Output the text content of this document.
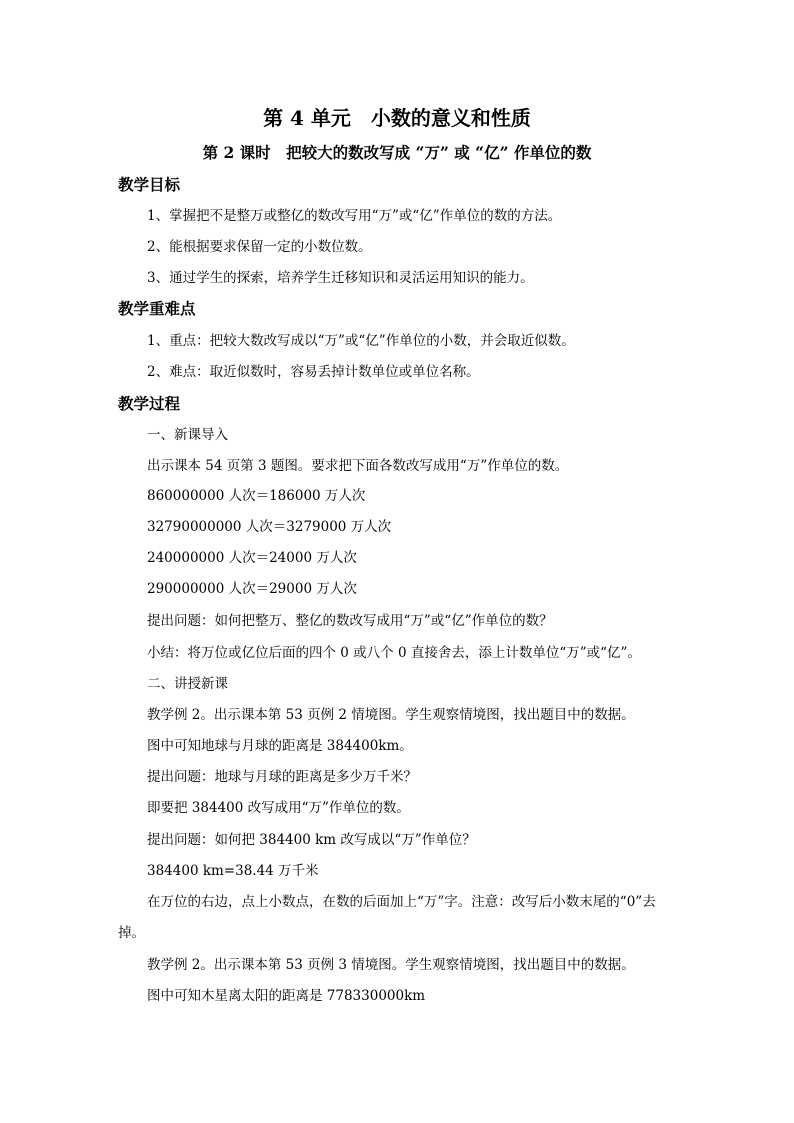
第 4 单元　小数的意义和性质
第 2 课时　把较大的数改写成 “万” 或 “亿” 作单位的数
教学目标
1、掌握把不是整万或整亿的数改写用“万”或“亿”作单位的数的方法。
2、能根据要求保留一定的小数位数。
3、通过学生的探索，培养学生迁移知识和灵活运用知识的能力。
教学重难点
1、重点：把较大数改写成以“万”或“亿”作单位的小数，并会取近似数。
2、难点：取近似数时，容易丢掉计数单位或单位名称。
教学过程
一、新课导入
出示课本 54 页第 3 题图。要求把下面各数改写成用“万”作单位的数。
860000000 人次＝186000 万人次
32790000000 人次＝3279000 万人次
240000000 人次＝24000 万人次
290000000 人次＝29000 万人次
提出问题：如何把整万、整亿的数改写成用“万”或“亿”作单位的数？
小结：将万位或亿位后面的四个 0 或八个 0 直接舍去，添上计数单位“万”或“亿”。
二、讲授新课
教学例 2。出示课本第 53 页例 2 情境图。学生观察情境图，找出题目中的数据。
图中可知地球与月球的距离是 384400km。
提出问题：地球与月球的距离是多少万千米？
即要把 384400 改写成用“万”作单位的数。
提出问题：如何把 384400 km 改写成以“万”作单位？
384400 km=38.44 万千米
在万位的右边，点上小数点，在数的后面加上“万”字。注意：改写后小数末尾的“0”去
掉。
教学例 2。出示课本第 53 页例 3 情境图。学生观察情境图，找出题目中的数据。
图中可知木星离太阳的距离是 778330000km
